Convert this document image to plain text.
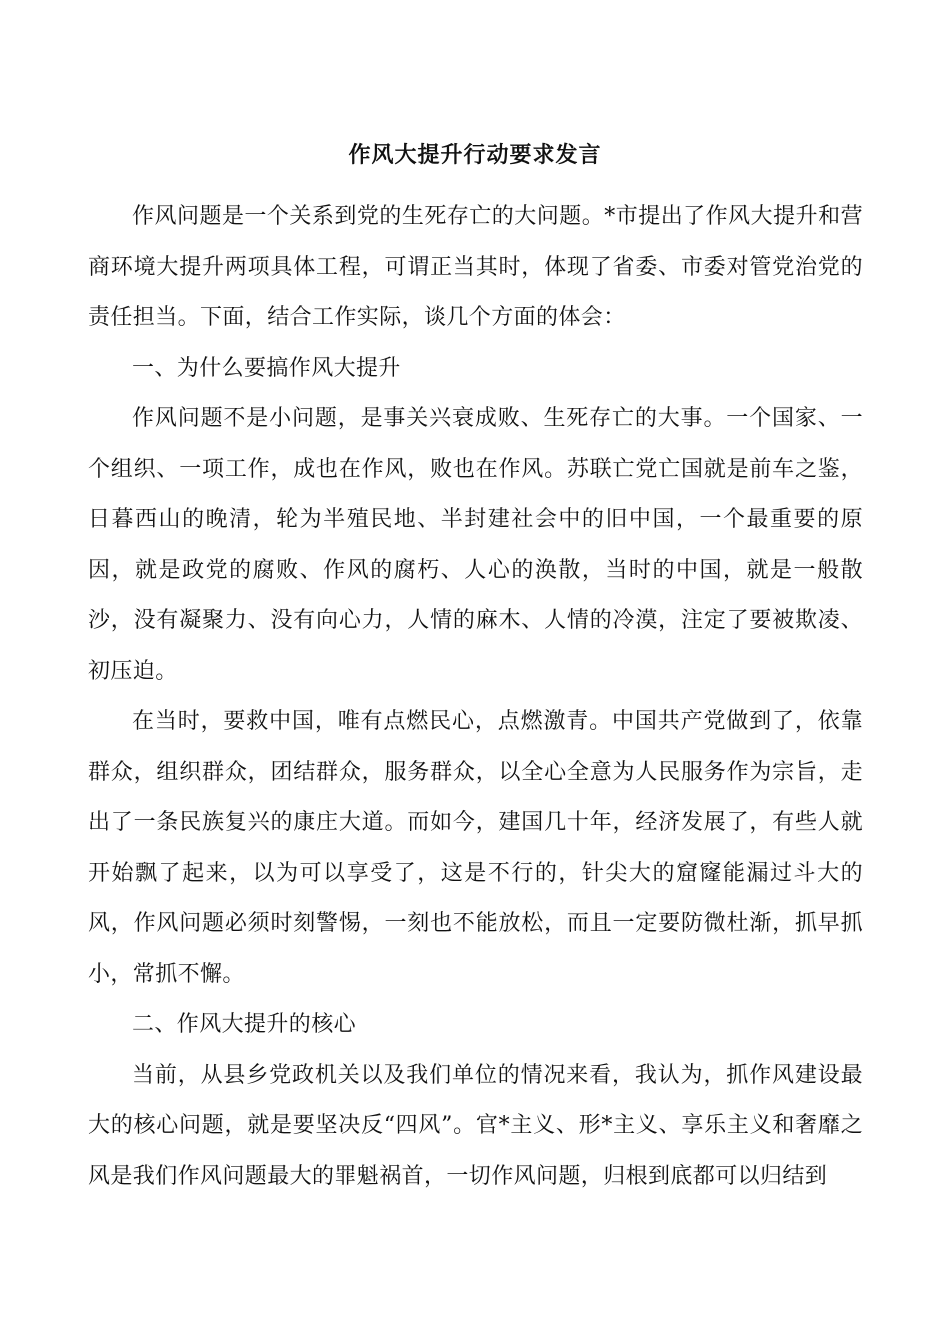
作风大提升行动要求发言

作风问题是一个关系到党的生死存亡的大问题。*市提出了作风大提升和营商环境大提升两项具体工程，可谓正当其时，体现了省委、市委对管党治党的责任担当。下面，结合工作实际，谈几个方面的体会：

一、为什么要搞作风大提升

作风问题不是小问题，是事关兴衰成败、生死存亡的大事。一个国家、一个组织、一项工作，成也在作风，败也在作风。苏联亡党亡国就是前车之鉴，日暮西山的晚清，轮为半殖民地、半封建社会中的旧中国，一个最重要的原因，就是政党的腐败、作风的腐朽、人心的涣散，当时的中国，就是一般散沙，没有凝聚力、没有向心力，人情的麻木、人情的冷漠，注定了要被欺凌、初压迫。

在当时，要救中国，唯有点燃民心，点燃激青。中国共产党做到了，依靠群众，组织群众，团结群众，服务群众，以全心全意为人民服务作为宗旨，走出了一条民族复兴的康庄大道。而如今，建国几十年，经济发展了，有些人就开始飘了起来，以为可以享受了，这是不行的，针尖大的窟窿能漏过斗大的风，作风问题必须时刻警惕，一刻也不能放松，而且一定要防微杜渐，抓早抓小，常抓不懈。

二、作风大提升的核心

当前，从县乡党政机关以及我们单位的情况来看，我认为，抓作风建设最大的核心问题，就是要坚决反“四风”。官*主义、形*主义、享乐主义和奢靡之风是我们作风问题最大的罪魁祸首，一切作风问题，归根到底都可以归结到
